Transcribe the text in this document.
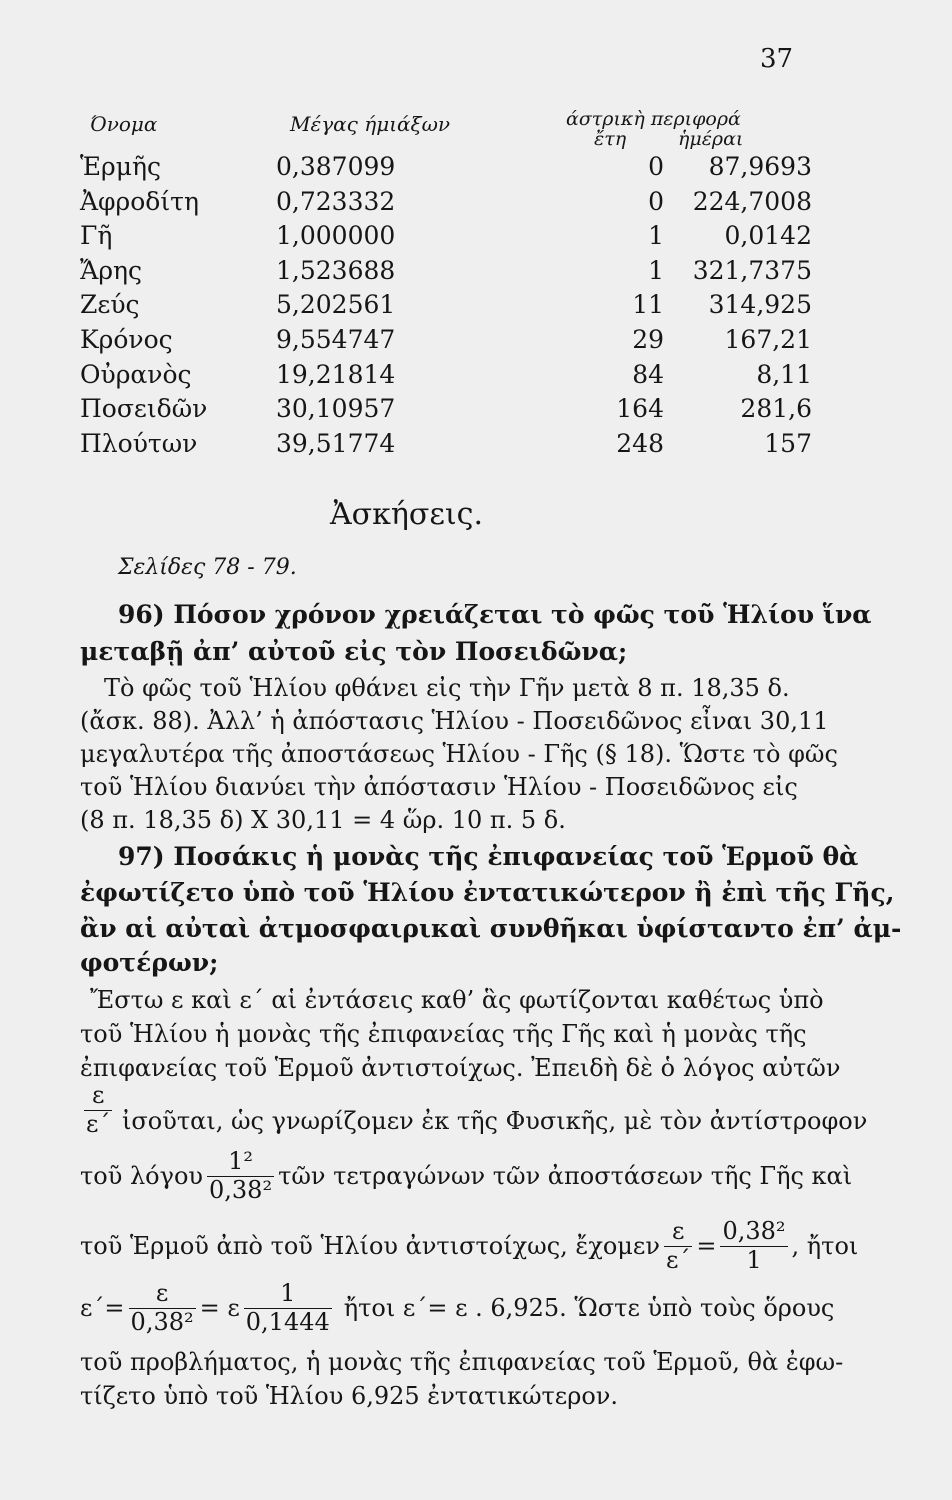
37
Όνομα	Μέγας ήμιάξων	άστρικὴ περιφορά
ἔτη	ἡμέραι
Ἑρμῆς	0,387099	0	87,9693
Ἀφροδίτη	0,723332	0	224,7008
Γῆ	1,000000	1	0,0142
Ἄρης	1,523688	1	321,7375
Ζεύς	5,202561	11	314,925
Κρόνος	9,554747	29	167,21
Οὐρανὸς	19,21814	84	8,11
Ποσειδῶν	30,10957	164	281,6
Πλούτων	39,51774	248	157
Ἀσκήσεις.
Σελίδες 78 - 79.
96) Πόσον χρόνον χρειάζεται τὸ φῶς τοῦ Ἡλίου ἵνα
μεταβῇ ἀπ’ αὐτοῦ εἰς τὸν Ποσειδῶνα;
Τὸ φῶς τοῦ Ἡλίου φθάνει εἰς τὴν Γῆν μετὰ 8 π. 18,35 δ.
(ἄσκ. 88). Ἀλλ’ ἡ ἀπόστασις Ἡλίου - Ποσειδῶνος εἶναι 30,11
μεγαλυτέρα τῆς ἀποστάσεως Ἡλίου - Γῆς (§ 18). Ὥστε τὸ φῶς
τοῦ Ἡλίου διανύει τὴν ἀπόστασιν Ἡλίου - Ποσειδῶνος εἰς
(8 π. 18,35 δ) X 30,11 = 4 ὥρ. 10 π. 5 δ.
97) Ποσάκις ἡ μονὰς τῆς ἐπιφανείας τοῦ Ἑρμοῦ θὰ
ἐφωτίζετο ὑπὸ τοῦ Ἡλίου ἐντατικώτερον ἢ ἐπὶ τῆς Γῆς,
ἂν αἱ αὐταὶ ἀτμοσφαιρικαὶ συνθῆκαι ὑφίσταντο ἐπ’ ἀμ-
φοτέρων;
Ἔστω ε καὶ ε΄ αἱ ἐντάσεις καθ’ ἃς φωτίζονται καθέτως ὑπὸ
τοῦ Ἡλίου ἡ μονὰς τῆς ἐπιφανείας τῆς Γῆς καὶ ἡ μονὰς τῆς
ἐπιφανείας τοῦ Ἑρμοῦ ἀντιστοίχως. Ἐπειδὴ δὲ ὁ λόγος αὐτῶν
$\frac{\varepsilon}{\varepsilon΄}$ ἰσοῦται, ὡς γνωρίζομεν ἐκ τῆς Φυσικῆς, μὲ τὸν ἀντίστροφον
τοῦ λόγου $\frac{\text{1²}}{\text{0,38²}}$ τῶν τετραγώνων τῶν ἀποστάσεων τῆς Γῆς καὶ
τοῦ Ἑρμοῦ ἀπὸ τοῦ Ἡλίου ἀντιστοίχως, ἔχομεν $\frac{\varepsilon}{\varepsilon΄} = \frac{\text{0,38²}}{1}$ , ἤτοι
$\varepsilon΄= \frac{\varepsilon}{\text{0,38²}} = \varepsilon \frac{1}{0,1444}$ ἤτοι ε΄= ε . 6,925. Ὥστε ὑπὸ τοὺς ὅρους
τοῦ προβλήματος, ἡ μονὰς τῆς ἐπιφανείας τοῦ Ἑρμοῦ, θὰ ἐφω-
τίζετο ὑπὸ τοῦ Ἡλίου 6,925 ἐντατικώτερον.
